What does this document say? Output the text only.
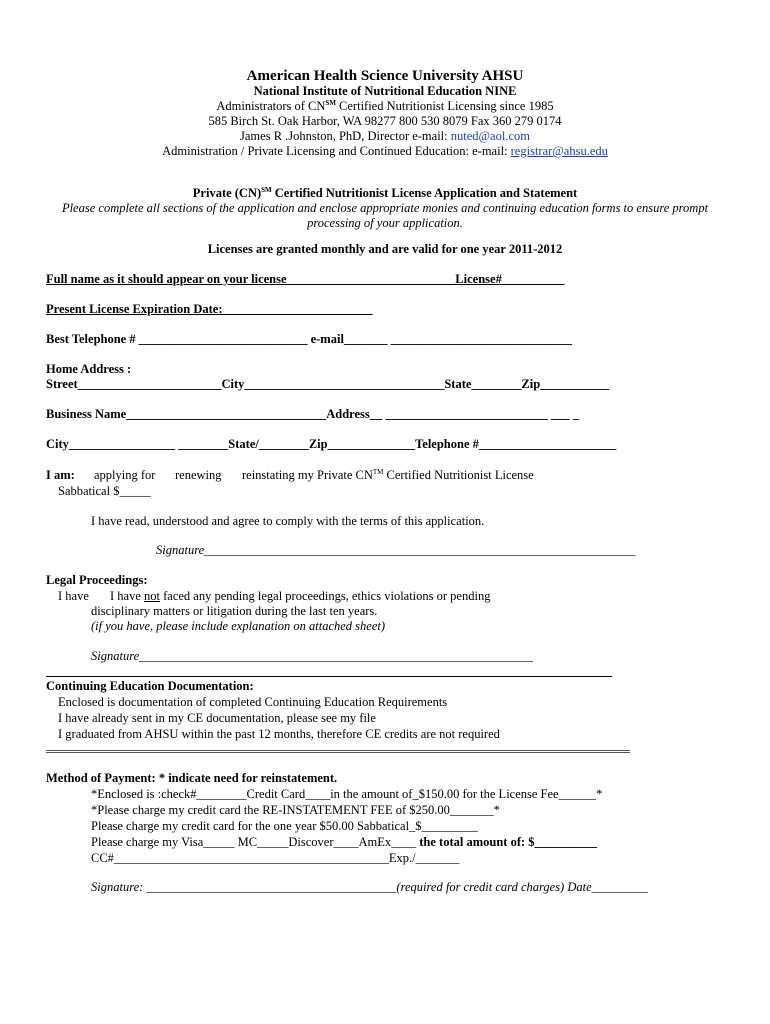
American Health Science University AHSU
National Institute of Nutritional Education NINE
Administrators of CN℠ Certified Nutritionist Licensing since 1985
585 Birch St. Oak Harbor, WA 98277 800 530 8079 Fax 360 279 0174
James R .Johnston, PhD, Director e-mail: nuted@aol.com
Administration / Private Licensing and Continued Education: e-mail: registrar@ahsu.edu
Private (CN)℠ Certified Nutritionist License Application and Statement
Please complete all sections of the application and enclose appropriate monies and continuing education forms to ensure prompt
processing of your application.
Licenses are granted monthly and are valid for one year 2011-2012
Full name as it should appear on your license___________________________License#__________
Present License Expiration Date:________________________
Best Telephone # ___________________________ e-mail_______ _____________________________
Home Address :
Street_______________________City________________________________State________Zip___________
Business Name________________________________Address__ __________________________ ___ _
City_________________ ________State/________Zip______________Telephone #______________________
I am: applying for renewing reinstating my Private CN™ Certified Nutritionist License
Sabbatical $_____
I have read, understood and agree to comply with the terms of this application.
Signature_____________________________________________________________________
Legal Proceedings:
I have I have not faced any pending legal proceedings, ethics violations or pending
disciplinary matters or litigation during the last ten years.
(if you have, please include explanation on attached sheet)
Signature_______________________________________________________________
Continuing Education Documentation:
Enclosed is documentation of completed Continuing Education Requirements
I have already sent in my CE documentation, please see my file
I graduated from AHSU within the past 12 months, therefore CE credits are not required
Method of Payment: * indicate need for reinstatement.
*Enclosed is :check#________Credit Card____in the amount of_$150.00 for the License Fee______*
*Please charge my credit card the RE-INSTATEMENT FEE of $250.00_______*
Please charge my credit card for the one year $50.00 Sabbatical_$_________
Please charge my Visa_____ MC_____Discover____AmEx____ the total amount of: $__________
CC#____________________________________________Exp./_______
Signature: ________________________________________(required for credit card charges) Date_________
